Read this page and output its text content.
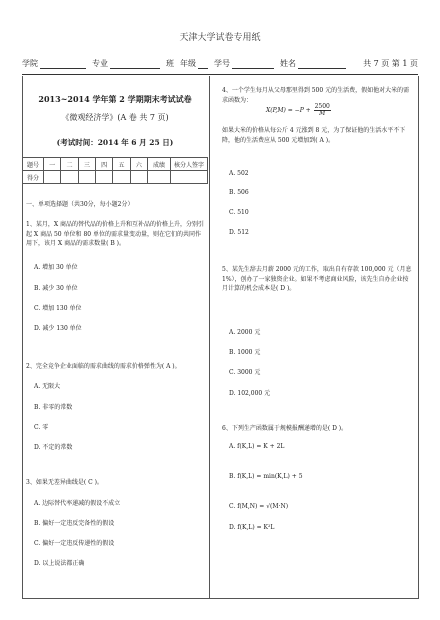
天津大学试卷专用纸
学院	专业	班 年级 学号	姓名	共 7 页 第 1 页
2013~2014 学年第 2 学期期末考试试卷
《微观经济学》(A 卷 共 7 页)
(考试时间：2014 年 6 月 25 日)
题号	一	二	三	四	五	六	成绩	核分人签字
得分								
一、单项选择题（共30分，每小题2分）
1、某月，X 商品的替代品的价格上升和互补品的价格上升，分别引起 X 商品 50 单位和 80 单位的需求量变动量，则在它们的共同作用下，该月 X 商品的需求数量( B )。
A. 增加 30 单位
B. 减少 30 单位
C. 增加 130 单位
D. 减少 130 单位
2、完全竞争企业面临的需求曲线的需求价格弹性为( A )。
A. 无限大
B. 非零的常数
C. 零
D. 不定的常数
3、如果无差异曲线是( C )。
A. 边际替代率递减的假设不成立
B. 偏好一定违反完备性的假设
C. 偏好一定违反传递性的假设
D. 以上说法都正确
4、一个学生每月从父母那里得到 500 元的生活费，假如他对大米的需求函数为：
$X(P,M) = -P + \frac{2500}{M}$
如果大米的价格从每公斤 4 元涨到 8 元，为了保证他的生活水平不下降，他的生活费应从 500 元增加到( A )。
A. 502
B. 506
C. 510
D. 512
5、某先生辞去月薪 2000 元的工作，取出自有存款 100,000 元（月息 1%），创办了一家独资企业。如果不考虑商业风险，该先生自办企业按月计算的机会成本是( D )。
A. 2000 元
B. 1000 元
C. 3000 元
D. 102,000 元
6、下列生产函数属于规模报酬递增的是( D )。
A. f(K,L) = K + 2L
B. f(K,L) = min(K,L) + 5
C. f(M,N) = √(M·N)
D. f(K,L) = K²L
